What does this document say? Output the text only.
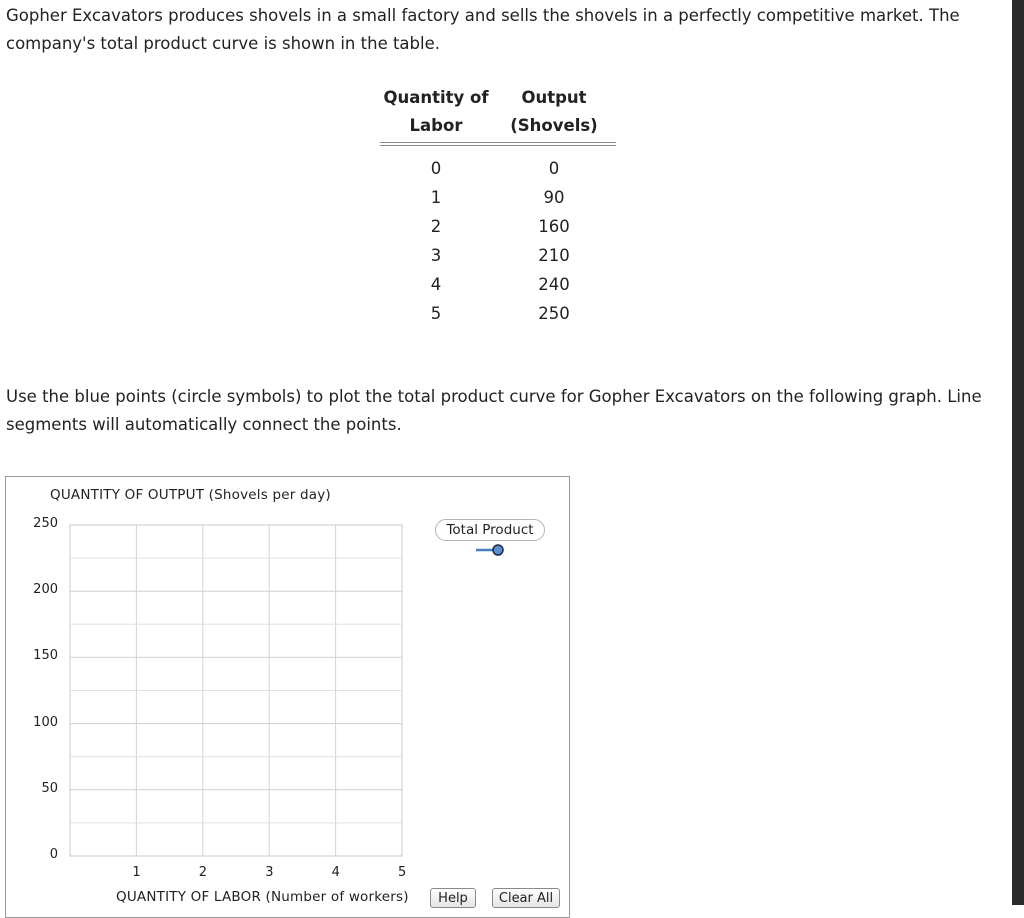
Gopher Excavators produces shovels in a small factory and sells the shovels in a perfectly competitive market. The company's total product curve is shown in the table.

Quantity of	Output
Labor	(Shovels)

0	0
1	90
2	160
3	210
4	240
5	250

Use the blue points (circle symbols) to plot the total product curve for Gopher Excavators on the following graph. Line segments will automatically connect the points.

QUANTITY OF OUTPUT (Shovels per day)
250
200
150
100
50
0
1	2	3	4	5
Total Product
QUANTITY OF LABOR (Number of workers)	Help	Clear All
